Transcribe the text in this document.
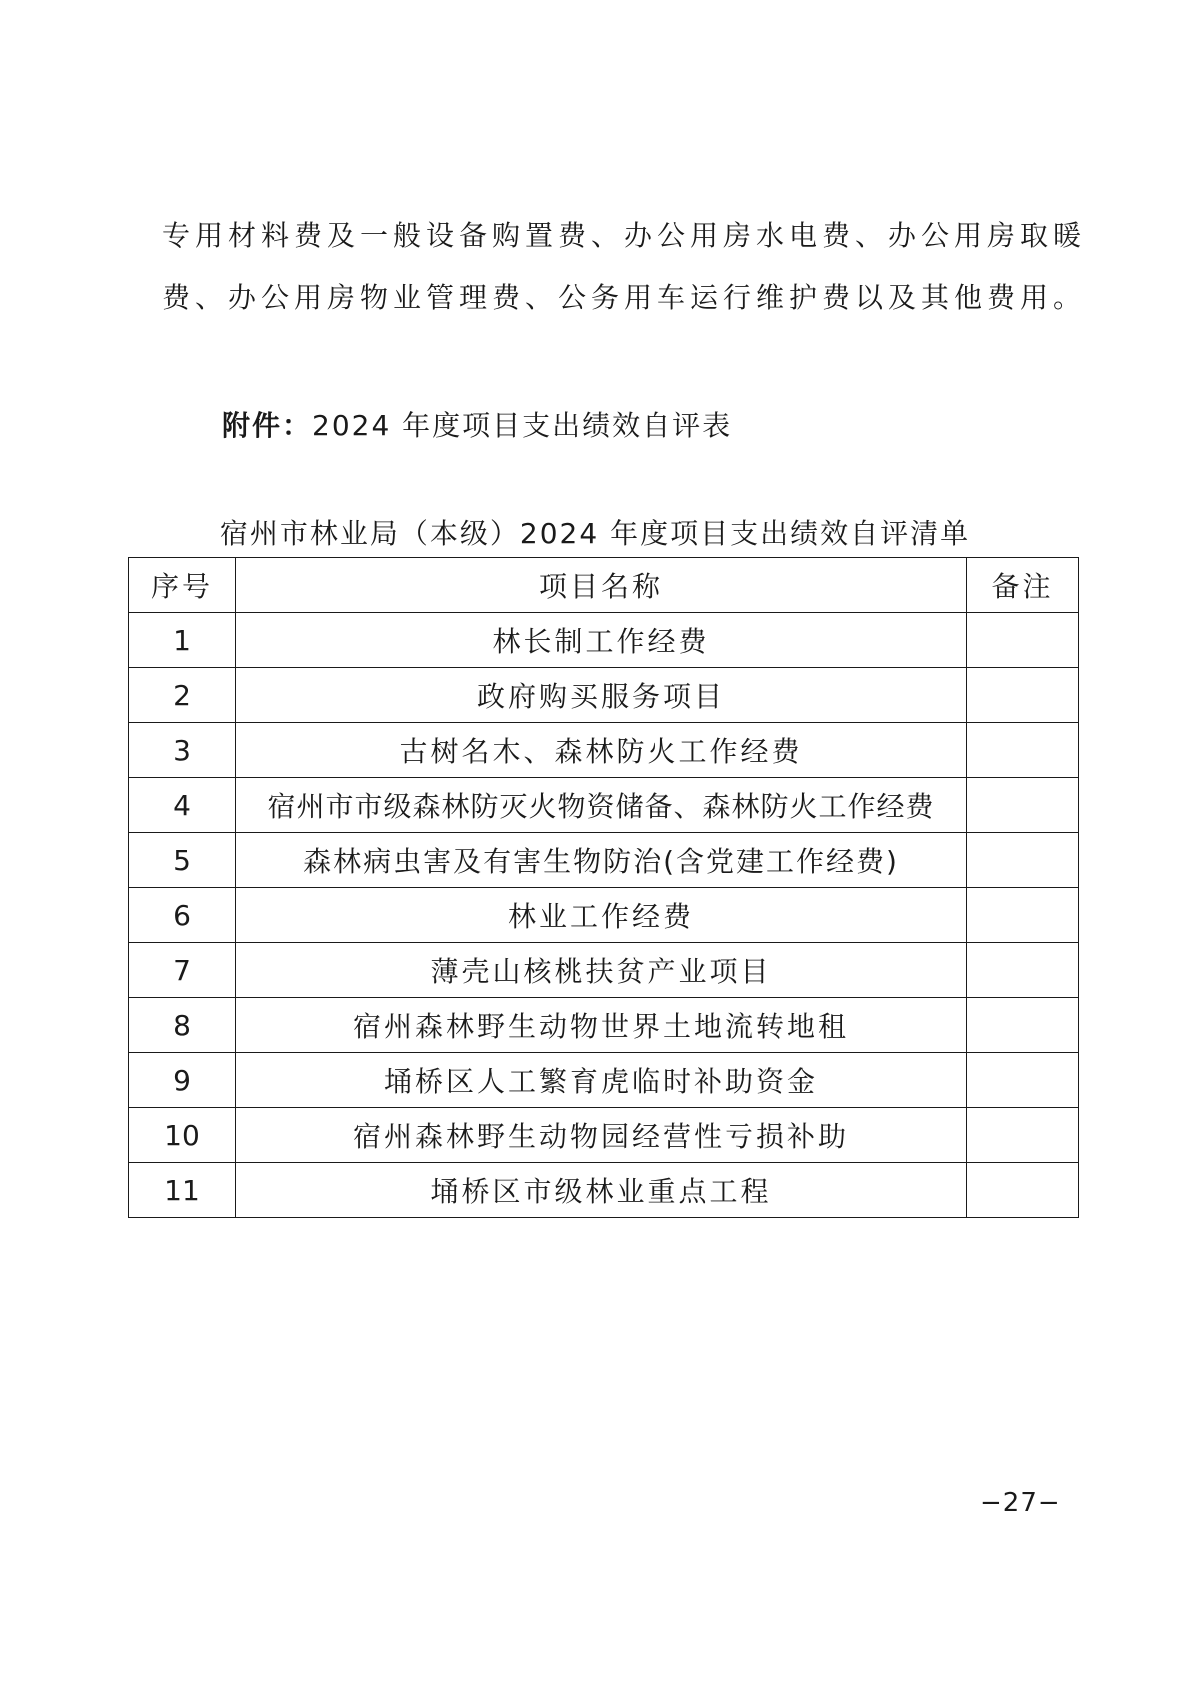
专用材料费及一般设备购置费、办公用房水电费、办公用房取暖
费、办公用房物业管理费、公务用车运行维护费以及其他费用。
附件：2024 年度项目支出绩效自评表
宿州市林业局（本级）2024 年度项目支出绩效自评清单
序号	项目名称	备注
1	林长制工作经费	
2	政府购买服务项目	
3	古树名木、森林防火工作经费	
4	宿州市市级森林防灭火物资储备、森林防火工作经费	
5	森林病虫害及有害生物防治(含党建工作经费)	
6	林业工作经费	
7	薄壳山核桃扶贫产业项目	
8	宿州森林野生动物世界土地流转地租	
9	埇桥区人工繁育虎临时补助资金	
10	宿州森林野生动物园经营性亏损补助	
11	埇桥区市级林业重点工程	
−27−
